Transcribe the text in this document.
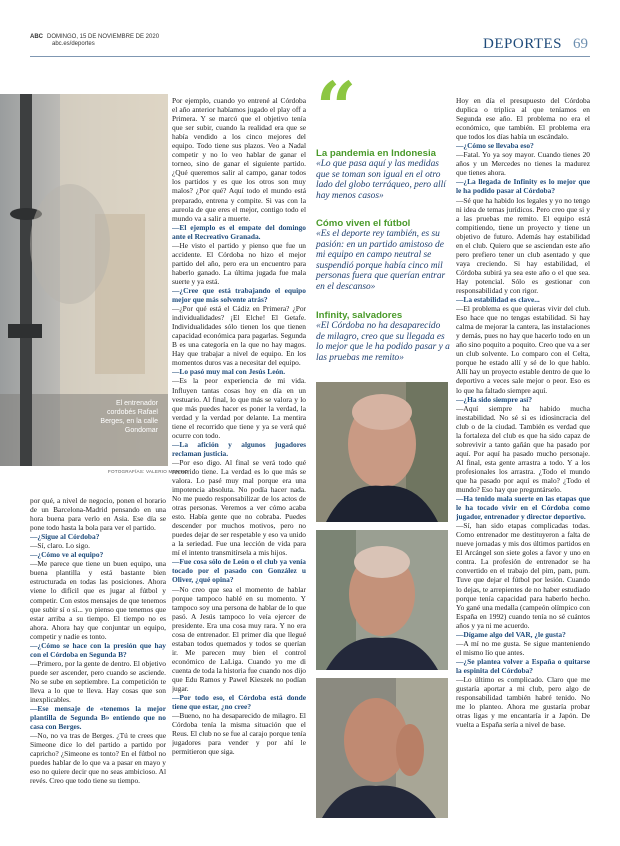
ABC DOMINGO, 15 DE NOVIEMBRE DE 2020
abc.es/deportes	DEPORTES 69
El entrenador cordobés Rafael Berges, en la calle Gondomar
FOTOGRAFÍAS: VALERIO MERINO

por qué, a nivel de negocio, ponen el horario de un Barcelona-Madrid pensando en una hora buena para verlo en Asia. Ese día se pone todo hasta la bola para ver el partido.

—¿Sigue al Córdoba?

—Sí, claro. Lo sigo.

—¿Cómo ve al equipo?

—Me parece que tiene un buen equipo, una buena plantilla y está bastante bien estructurada en todas las posiciones. Ahora viene lo difícil que es jugar al fútbol y competir. Con estos mensajes de que tenemos que subir sí o sí... yo pienso que tenemos que estar arriba a su tiempo. El tiempo no es ahora. Ahora hay que conjuntar un equipo, competir y nadie es tonto.

—¿Cómo se hace con la presión que hay con el Córdoba en Segunda B?

—Primero, por la gente de dentro. El objetivo puede ser ascender, pero cuando se asciende. No se sube en septiembre. La competición te lleva a lo que te lleva. Hay cosas que son inexplicables.

—Ese mensaje de «tenemos la mejor plantilla de Segunda B» entiendo que no casa con Berges.

—No, no va tras de Berges. ¿Tú te crees que Simeone dice lo del partido a partido por capricho? ¿Simeone es tonto? En el fútbol no puedes hablar de lo que va a pasar en mayo y eso no quiere decir que no seas ambicioso. Al revés. Creo que todo tiene su tiempo.

Por ejemplo, cuando yo entrené al Córdoba el año anterior habíamos jugado el play off a Primera. Y se marcó que el objetivo tenía que ser subir, cuando la realidad era que se había vendido a los cinco mejores del equipo. Todo tiene sus plazos. Veo a Nadal competir y no lo veo hablar de ganar el torneo, sino de ganar el siguiente partido. ¿Qué queremos salir al campo, ganar todos los partidos y es que los otros son muy malos? ¿Por qué? Aquí todo el mundo está preparado, entrena y compite. Si vas con la aureola de que eres el mejor, contigo todo el mundo va a salir a muerte.

—El ejemplo es el empate del domingo ante el Recreativo Granada.

—He visto el partido y pienso que fue un accidente. El Córdoba no hizo el mejor partido del año, pero era un encuentro para haberlo ganado. La última jugada fue mala suerte y ya está.

—¿Cree que está trabajando el equipo mejor que más solvente atrás?

—¿Por qué está el Cádiz en Primera? ¿Por individualidades? ¡El Elche! El Getafe. Individualidades sólo tienen los que tienen capacidad económica para pagarlas. Segunda B es una categoría en la que no hay magos. Hay que trabajar a nivel de equipo. En los momentos duros vas a necesitar del equipo.

—Lo pasó muy mal con Jesús León.

—Es la peor experiencia de mi vida. Influyen tantas cosas hoy en día en un vestuario. Al final, lo que más se valora y lo que más puedes hacer es poner la verdad, la verdad y la verdad por delante. La mentira tiene el recorrido que tiene y ya se verá qué ocurre con todo.

—La afición y algunos jugadores reclaman justicia.

—Por eso digo. Al final se verá todo qué recorrido tiene. La verdad es lo que más se valora. Lo pasé muy mal porque era una impotencia absoluta. No podía hacer nada. No me puedo responsabilizar de los actos de otras personas. Veremos a ver cómo acaba esto. Había gente que no cobraba. Puedes descender por muchos motivos, pero no puedes dejar de ser respetable y eso va unido a la seriedad. Fue una lección de vida para mí el intento transmitírsela a mis hijos.

—Fue cosa sólo de León o el club ya venía tocado por el pasado con González u Oliver, ¿qué opina?

—No creo que sea el momento de hablar porque tampoco hablé en su momento. Y tampoco soy una persona de hablar de lo que pasó. A Jesús tampoco lo veía ejercer de presidente. Era una cosa muy rara. Y no era cosa de entrenador. El primer día que llegué estaban todos quemados y todos se querían ir. Me parecen muy bien el control económico de LaLiga. Cuando yo me di cuenta de toda la historia fue cuando nos dijo que Edu Ramos y Pawel Kieszek no podían jugar.

—Por todo eso, el Córdoba está donde tiene que estar, ¿no cree?

—Bueno, no ha desaparecido de milagro. El Córdoba tenía la misma situación que el Reus. El club no se fue al carajo porque tenía jugadores para vender y por ahí le permitieron que siga.

“
La pandemia en Indonesia

«Lo que pasa aquí y las medidas que se toman son igual en el otro lado del globo terráqueo, pero allí hay menos casos»

Cómo viven el fútbol

«Es el deporte rey también, es su pasión: en un partido amistoso de mi equipo en campo neutral se suspendió porque había cinco mil personas fuera que querían entrar en el descanso»

Infinity, salvadores

«El Córdoba no ha desaparecido de milagro, creo que su llegada es lo mejor que le ha podido pasar y a las pruebas me remito»

Hoy en día el presupuesto del Córdoba duplica o triplica al que teníamos en Segunda ese año. El problema no era el económico, que también. El problema era que todos los días había un escándalo.

—¿Cómo se llevaba eso?

—Fatal. Yo ya soy mayor. Cuando tienes 20 años y un Mercedes no tienes la madurez que tienes ahora.

—¿La llegada de Infinity es lo mejor que le ha podido pasar al Córdoba?

—Sé que ha habido los legales y yo no tengo ni idea de temas jurídicos. Pero creo que sí y a las pruebas me remito. El equipo está compitiendo, tiene un proyecto y tiene un objetivo de futuro. Además hay estabilidad en el club. Quiero que se asciendan este año pero prefiero tener un club asentado y que vaya creciendo. Si hay estabilidad, el Córdoba subirá ya sea este año o el que sea. Hay potencial. Sólo es gestionar con responsabilidad y con rigor.

—La estabilidad es clave...

—El problema es que quieras vivir del club. Eso hace que no tengas estabilidad. Si hay calma de mejorar la cantera, las instalaciones y demás, pues no hay que hacerlo todo en un año sino poquito a poquito. Creo que va a ser un club solvente. Lo comparo con el Celta, porque he estado allí y sé de lo que hablo. Allí hay un proyecto estable dentro de que lo deportivo a veces sale mejor o peor. Eso es lo que ha faltado siempre aquí.

—¿Ha sido siempre así?

—Aquí siempre ha habido mucha inestabilidad. No sé si es idiosincracia del club o de la ciudad. También es verdad que la fortaleza del club es que ha sido capaz de sobrevivir a tanto gañán que ha pasado por aquí. Por aquí ha pasado mucho personaje. Al final, esta gente arrastra a todo. Y a los profesionales los arrastra. ¿Todo el mundo que ha pasado por aquí es malo? ¿Todo el mundo? Eso hay que preguntárselo.

—Ha tenido mala suerte en las etapas que le ha tocado vivir en el Córdoba como jugador, entrenador y director deportivo.

—Sí, han sido etapas complicadas todas. Como entrenador me destituyeron a falta de nueve jornadas y mis dos últimos partidos en El Arcángel son siete goles a favor y uno en contra. La profesión de entrenador se ha convertido en el trabajo del pim, pam, pum. Tuve que dejar el fútbol por lesión. Cuando lo dejas, te arrepientes de no haber estudiado porque tenía capacidad para haberlo hecho. Yo gané una medalla (campeón olímpico con España en 1992) cuando tenía no sé cuántos años y ya ni me acuerdo.

—Dígame algo del VAR, ¿le gusta?

—A mí no me gusta. Se sigue manteniendo el mismo lío que antes.

—¿Se plantea volver a España o quitarse la espinita del Córdoba?

—Lo último es complicado. Claro que me gustaría aportar a mi club, pero algo de responsabilidad también habré tenido. No me lo planteo. Ahora me gustaría probar otras ligas y me encantaría ir a Japón. De vuelta a España sería a nivel de base.
